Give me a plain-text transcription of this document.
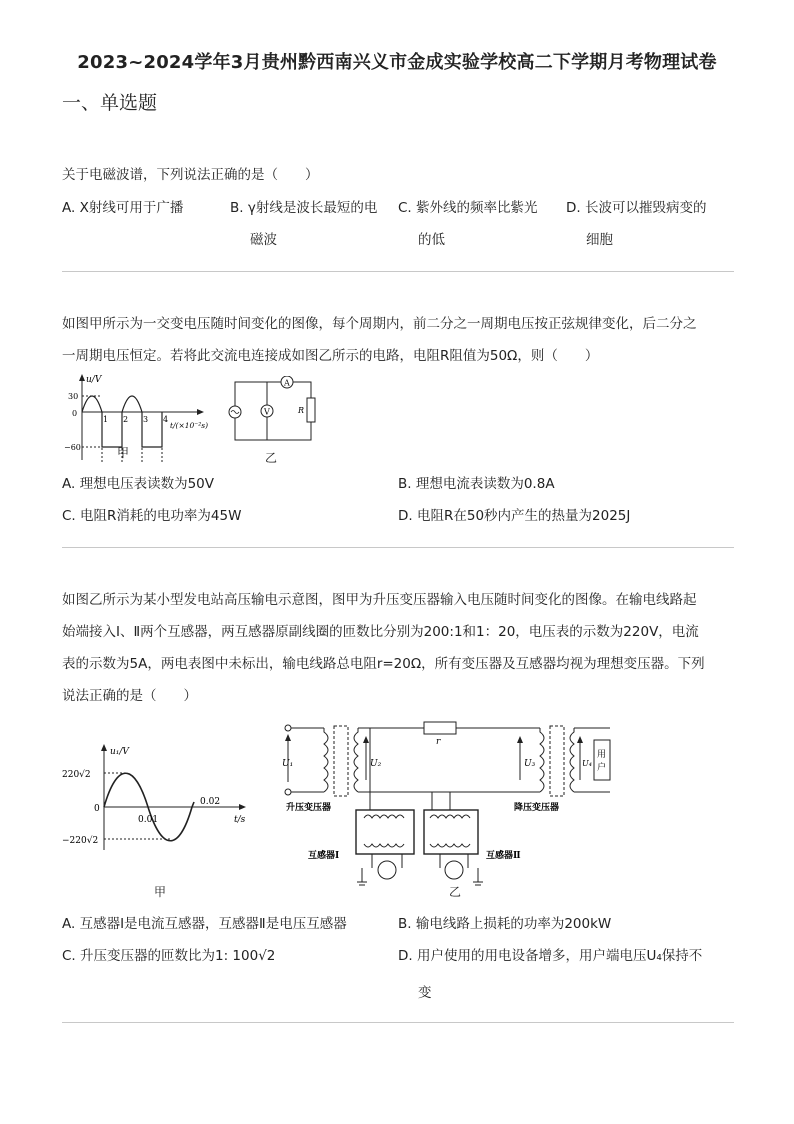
2023~2024学年3月贵州黔西南兴义市金成实验学校高二下学期月考物理试卷
一、单选题
关于电磁波谱，下列说法正确的是（　　）
A. X射线可用于广播	B. γ射线是波长最短的电
磁波
C. 紫外线的频率比紫光
的低
D. 长波可以摧毁病变的
细胞
如图甲所示为一交变电压随时间变化的图像，每个周期内，前二分之一周期电压按正弦规律变化，后二分之
一周期电压恒定。若将此交流电连接成如图乙所示的电路，电阻R阻值为50Ω，则（　　）
u/V
30
0
−60
1 2 3 4
t/(×10⁻²s)
甲
A
V	R
乙
A. 理想电压表读数为50V	B. 理想电流表读数为0.8A
C. 电阻R消耗的电功率为45W	D. 电阻R在50秒内产生的热量为2025J
如图乙所示为某小型发电站高压输电示意图，图甲为升压变压器输入电压随时间变化的图像。在输电线路起
始端接入Ⅰ、Ⅱ两个互感器，两互感器原副线圈的匝数比分别为200:1和1：20，电压表的示数为220V，电流
表的示数为5A，两电表图中未标出，输电线路总电阻r=20Ω，所有变压器及互感器均视为理想变压器。下列
说法正确的是（　　）
u₁/V
220√2
0
−220√2
0.01
0.02
t/s
甲
U₁	U₂
r
U₃	U₄
用
户
升压变压器	降压变压器
互感器Ⅰ	互感器Ⅱ
乙
A. 互感器Ⅰ是电流互感器，互感器Ⅱ是电压互感器	B. 输电线路上损耗的功率为200kW
C. 升压变压器的匝数比为1: 100√2	D. 用户使用的用电设备增多，用户端电压U₄保持不
变
